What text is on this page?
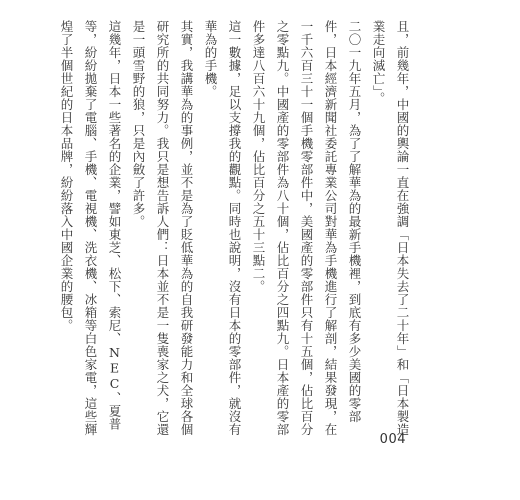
且，前幾年，中國的輿論一直在強調「日本失去了二十年」和「日本製造業走向滅亡」。

二〇一九年五月，為了了解華為的最新手機裡，到底有多少美國的零部件，日本經濟新聞社委託專業公司對華為手機進行了解剖，結果發現，在一千六百三十一個手機零部件中，美國產的零部件只有十五個，佔比百分之零點九。中國產的零部件為八十個，佔比百分之四點九。日本產的零部件多達八百六十九個，佔比百分之五十三點二。

這一數據，足以支撐我的觀點。同時也說明，沒有日本的零部件，就沒有華為的手機。

其實，我講華為的事例，並不是為了貶低華為的自我研發能力和全球各個研究所的共同努力。我只是想告訴人們：日本並不是一隻喪家之犬，它還是一頭雪野的狼，只是內斂了許多。

這幾年，日本一些著名的企業，譬如東芝、松下、索尼、NEC、夏普等，紛紛拋棄了電腦、手機、電視機、洗衣機、冰箱等白色家電，這些輝煌了半個世紀的日本品牌，紛紛落入中國企業的腰包。

004
